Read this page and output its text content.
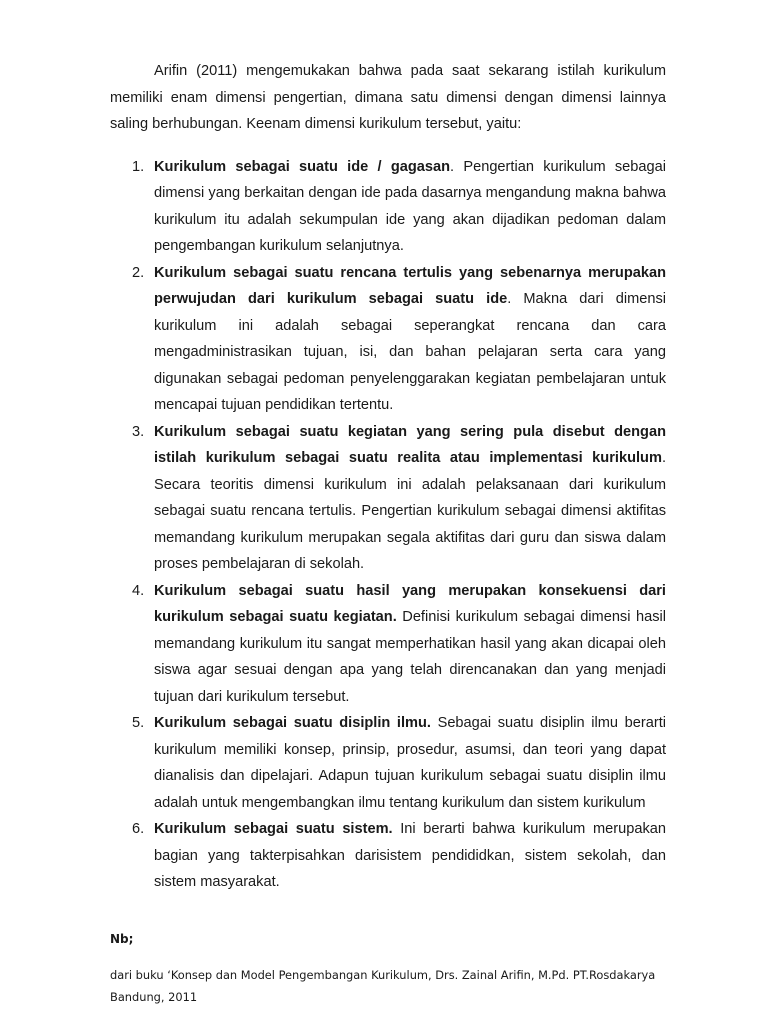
Arifin (2011) mengemukakan bahwa pada saat sekarang istilah kurikulum memiliki enam dimensi pengertian, dimana satu dimensi dengan dimensi lainnya saling berhubungan. Keenam dimensi kurikulum tersebut, yaitu:

1. Kurikulum sebagai suatu ide / gagasan. Pengertian kurikulum sebagai dimensi yang berkaitan dengan ide pada dasarnya mengandung makna bahwa kurikulum itu adalah sekumpulan ide yang akan dijadikan pedoman dalam pengembangan kurikulum selanjutnya.
2. Kurikulum sebagai suatu rencana tertulis yang sebenarnya merupakan perwujudan dari kurikulum sebagai suatu ide. Makna dari dimensi kurikulum ini adalah sebagai seperangkat rencana dan cara mengadministrasikan tujuan, isi, dan bahan pelajaran serta cara yang digunakan sebagai pedoman penyelenggarakan kegiatan pembelajaran untuk mencapai tujuan pendidikan tertentu.
3. Kurikulum sebagai suatu kegiatan yang sering pula disebut dengan istilah kurikulum sebagai suatu realita atau implementasi kurikulum. Secara teoritis dimensi kurikulum ini adalah pelaksanaan dari kurikulum sebagai suatu rencana tertulis. Pengertian kurikulum sebagai dimensi aktifitas memandang kurikulum merupakan segala aktifitas dari guru dan siswa dalam proses pembelajaran di sekolah.
4. Kurikulum sebagai suatu hasil yang merupakan konsekuensi dari kurikulum sebagai suatu kegiatan. Definisi kurikulum sebagai dimensi hasil memandang kurikulum itu sangat memperhatikan hasil yang akan dicapai oleh siswa agar sesuai dengan apa yang telah direncanakan dan yang menjadi tujuan dari kurikulum tersebut.
5. Kurikulum sebagai suatu disiplin ilmu. Sebagai suatu disiplin ilmu berarti kurikulum memiliki konsep, prinsip, prosedur, asumsi, dan teori yang dapat dianalisis dan dipelajari. Adapun tujuan kurikulum sebagai suatu disiplin ilmu adalah untuk mengembangkan ilmu tentang kurikulum dan sistem kurikulum
6. Kurikulum sebagai suatu sistem. Ini berarti bahwa kurikulum merupakan bagian yang takterpisahkan darisistem pendididkan, sistem sekolah, dan sistem masyarakat.
Nb;
dari buku ‘Konsep dan Model Pengembangan Kurikulum, Drs. Zainal Arifin, M.Pd. PT.Rosdakarya Bandung, 2011
